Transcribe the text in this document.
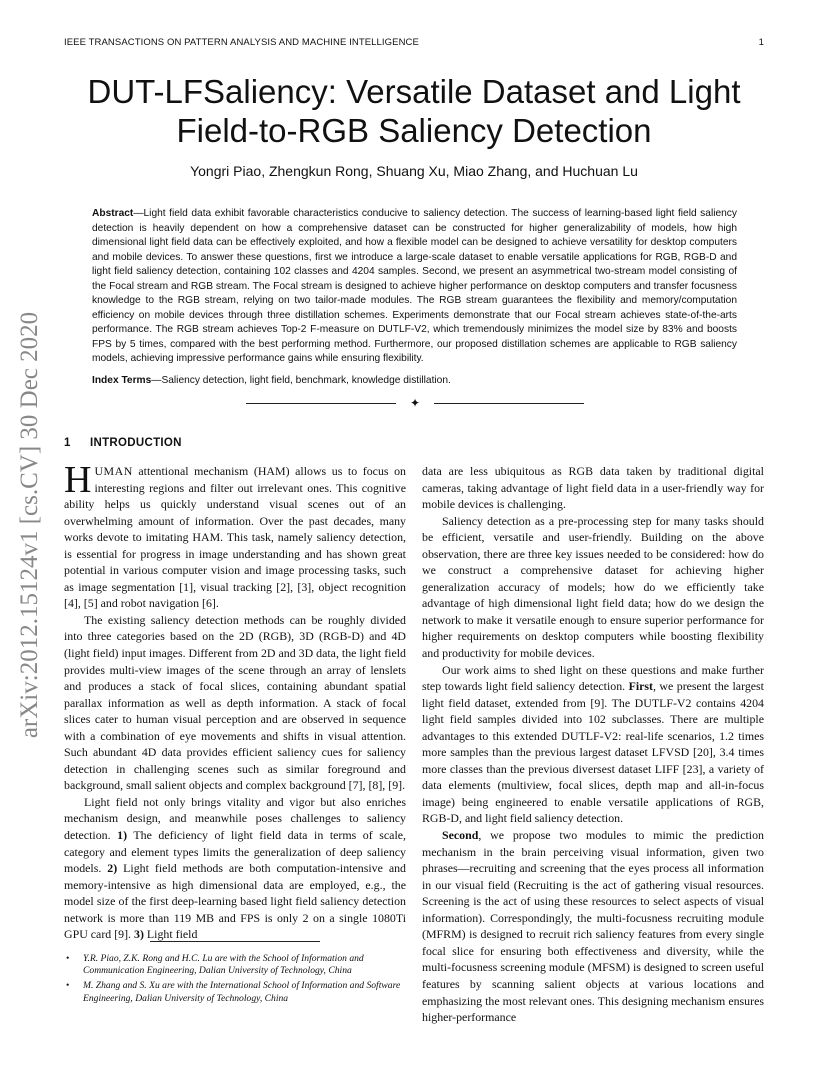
IEEE TRANSACTIONS ON PATTERN ANALYSIS AND MACHINE INTELLIGENCE	1
arXiv:2012.15124v1 [cs.CV] 30 Dec 2020
DUT-LFSaliency: Versatile Dataset and Light
Field-to-RGB Saliency Detection
Yongri Piao, Zhengkun Rong, Shuang Xu, Miao Zhang, and Huchuan Lu
Abstract—Light field data exhibit favorable characteristics conducive to saliency detection. The success of learning-based light field saliency detection is heavily dependent on how a comprehensive dataset can be constructed for higher generalizability of models, how high dimensional light field data can be effectively exploited, and how a flexible model can be designed to achieve versatility for desktop computers and mobile devices. To answer these questions, first we introduce a large-scale dataset to enable versatile applications for RGB, RGB-D and light field saliency detection, containing 102 classes and 4204 samples. Second, we present an asymmetrical two-stream model consisting of the Focal stream and RGB stream. The Focal stream is designed to achieve higher performance on desktop computers and transfer focusness knowledge to the RGB stream, relying on two tailor-made modules. The RGB stream guarantees the flexibility and memory/computation efficiency on mobile devices through three distillation schemes. Experiments demonstrate that our Focal stream achieves state-of-the-arts performance. The RGB stream achieves Top-2 F-measure on DUTLF-V2, which tremendously minimizes the model size by 83% and boosts FPS by 5 times, compared with the best performing method. Furthermore, our proposed distillation schemes are applicable to RGB saliency models, achieving impressive performance gains while ensuring flexibility.
Index Terms—Saliency detection, light field, benchmark, knowledge distillation.
✦
1 INTRODUCTION

HUMAN attentional mechanism (HAM) allows us to focus on interesting regions and filter out irrelevant ones. This cognitive ability helps us quickly understand visual scenes out of an overwhelming amount of information. Over the past decades, many works devote to imitating HAM. This task, namely saliency detection, is essential for progress in image understanding and has shown great potential in various computer vision and image processing tasks, such as image segmentation [1], visual tracking [2], [3], object recognition [4], [5] and robot navigation [6].

The existing saliency detection methods can be roughly divided into three categories based on the 2D (RGB), 3D (RGB-D) and 4D (light field) input images. Different from 2D and 3D data, the light field provides multi-view images of the scene through an array of lenslets and produces a stack of focal slices, containing abundant spatial parallax information as well as depth information. A stack of focal slices cater to human visual perception and are observed in sequence with a combination of eye movements and shifts in visual attention. Such abundant 4D data provides efficient saliency cues for saliency detection in challenging scenes such as similar foreground and background, small salient objects and complex background [7], [8], [9].

Light field not only brings vitality and vigor but also enriches mechanism design, and meanwhile poses challenges to saliency detection. 1) The deficiency of light field data in terms of scale, category and element types limits the generalization of deep saliency models. 2) Light field methods are both computation-intensive and memory-intensive as high dimensional data are employed, e.g., the model size of the first deep-learning based light field saliency detection network is more than 119 MB and FPS is only 2 on a single 1080Ti GPU card [9]. 3) Light field

• Y.R. Piao, Z.K. Rong and H.C. Lu are with the School of Information and Communication Engineering, Dalian University of Technology, China
• M. Zhang and S. Xu are with the International School of Information and Software Engineering, Dalian University of Technology, China

data are less ubiquitous as RGB data taken by traditional digital cameras, taking advantage of light field data in a user-friendly way for mobile devices is challenging.

Saliency detection as a pre-processing step for many tasks should be efficient, versatile and user-friendly. Building on the above observation, there are three key issues needed to be considered: how do we construct a comprehensive dataset for achieving higher generalization accuracy of models; how do we efficiently take advantage of high dimensional light field data; how do we design the network to make it versatile enough to ensure superior performance for higher requirements on desktop computers while boosting flexibility and productivity for mobile devices.

Our work aims to shed light on these questions and make further step towards light field saliency detection. First, we present the largest light field dataset, extended from [9]. The DUTLF-V2 contains 4204 light field samples divided into 102 subclasses. There are multiple advantages to this extended DUTLF-V2: real-life scenarios, 1.2 times more samples than the previous largest dataset LFVSD [20], 3.4 times more classes than the previous diversest dataset LIFF [23], a variety of data elements (multiview, focal slices, depth map and all-in-focus image) being engineered to enable versatile applications of RGB, RGB-D, and light field saliency detection.

Second, we propose two modules to mimic the prediction mechanism in the brain perceiving visual information, given two phrases—recruiting and screening that the eyes process all information in our visual field (Recruiting is the act of gathering visual resources. Screening is the act of using these resources to select aspects of visual information). Correspondingly, the multi-focusness recruiting module (MFRM) is designed to recruit rich saliency features from every single focal slice for ensuring both effectiveness and diversity, while the multi-focusness screening module (MFSM) is designed to screen useful features by scanning salient objects at various locations and emphasizing the most relevant ones. This designing mechanism ensures higher-performance
